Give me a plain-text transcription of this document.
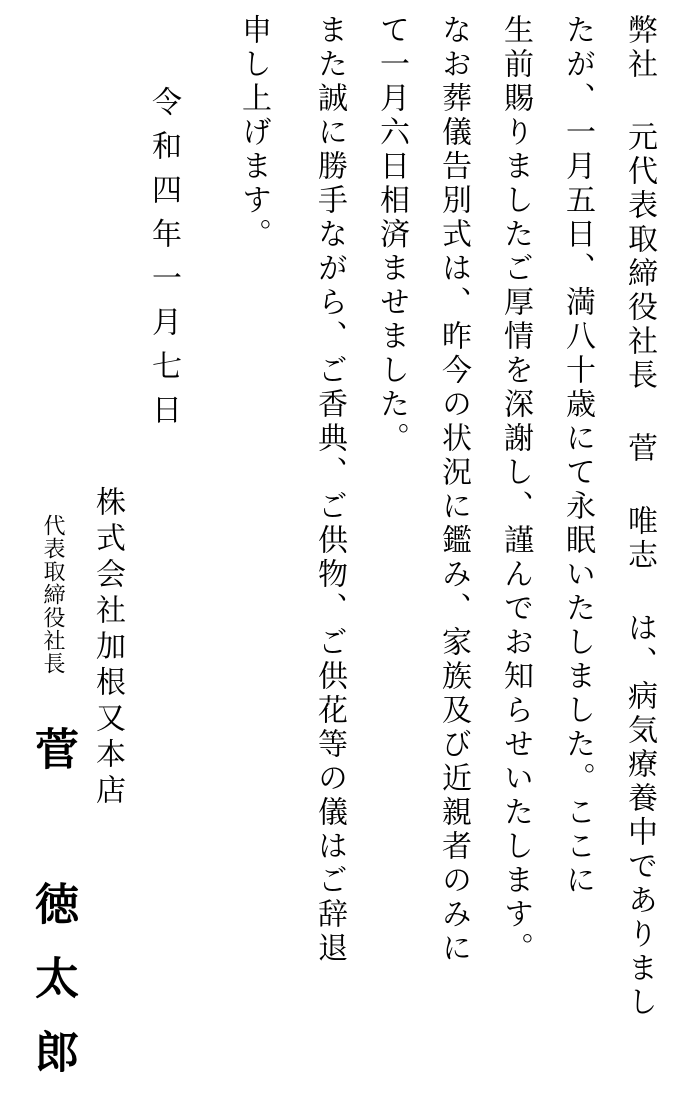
弊社 元代表取締役社長 菅 唯志 は、病気療養中でありまし
たが、一月五日、満八十歳にて永眠いたしました。ここに
生前賜りましたご厚情を深謝し、謹んでお知らせいたします。
なお葬儀告別式は、昨今の状況に鑑み、家族及び近親者のみに
て一月六日相済ませました。
また誠に勝手ながら、ご香典、ご供物、ご供花等の儀はご辞退
申し上げます。
令和四年一月七日
株式会社加根又本店
代表取締役社長
菅 徳太郎
